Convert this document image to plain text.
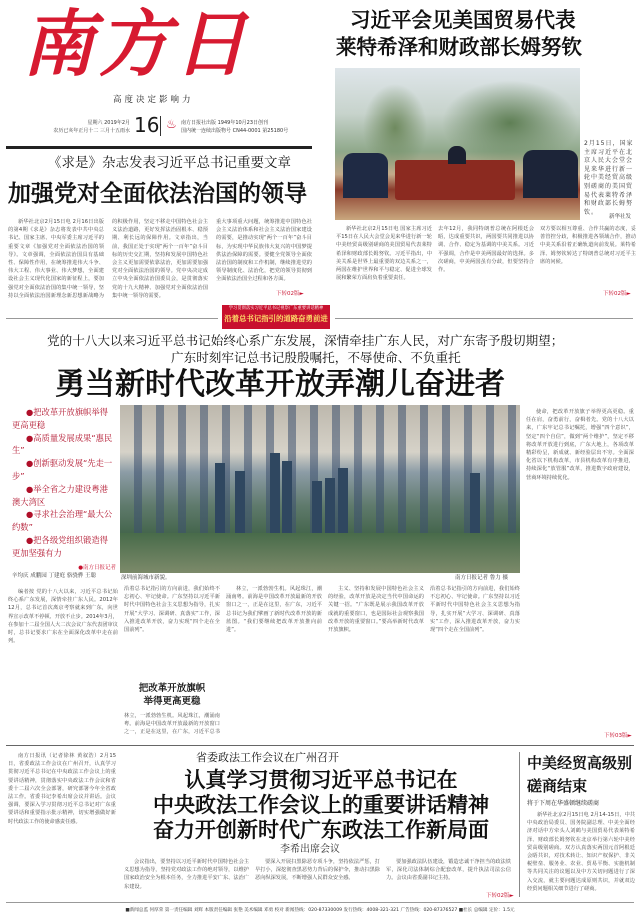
南方日
高度决定影响力
星期六 2019年2月
农历已亥年正月十二 三月十五雨水 16 ♨ 南方日报社出版 1949年10月23日创刊
国内统一连续出版物号 CN44-0001 第25180号
《求是》杂志发表习近平总书记重要文章
加强党对全面依法治国的领导
新华社北京2月15日电 2月16日出版的第4期《求是》杂志将发表中共中央总书记、国家主席、中央军委主席习近平的重要文章《加强党对全面依法治国的领导》。文章强调，全面依法治国具有基础性、保障性作用，在统筹推进伟大斗争、伟大工程、伟大事业、伟大梦想，全面建设社会主义现代化国家的新征程上，要加强党对全面依法治国的集中统一领导，坚持以全面依法治国新理念新思想新战略为
的积极作用，坚定不移走中国特色社会主义法治道路，更好发挥法治固根本、稳预期、利长远的保障作用。文章指出，当前，我国正处于实现“两个一百年”奋斗目标的历史交汇期，坚持和发展中国特色社会主义更加需要依靠法治，更加需要加强党对全面依法治国的领导。党中央决定成立中央全面依法治国委员会，是贯彻落实党的十九大精神、加强党对全面依法治国集中统一领导的需要。
重大事项重大问题，统筹推进中国特色社会主义法治体系和社会主义法治国家建设的需要，是推动实现“两个一百年”奋斗目标，为实现中华民族伟大复兴的中国梦提供法治保障的需要。要健全党领导全面依法治国的制度和工作机制，继续推进党的领导制度化、法治化，把党的领导贯彻到全面依法治国全过程和各方面。
下转02版►
习近平会见美国贸易代表
莱特希泽和财政部长姆努钦
2月15日，国家主席习近平在北京人民大会堂会见来华进行新一轮中美经贸高级别磋商的美国贸易代表莱特希泽和财政部长姆努钦。
新华社发
新华社北京2月15日电 国家主席习近平15日在人民大会堂会见来华进行新一轮中美经贸高级别磋商的美国贸易代表莱特希泽和财政部长姆努钦。习近平指出，中美关系是世界上最重要的双边关系之一，两国在维护世界和平与稳定、促进全球发展和繁荣方面肩负着重要责任。
去年12月，我同特朗普总统在阿根廷会晤，达成重要共识，两国要共同推进以协调、合作、稳定为基调的中美关系。习近平强调，合作是中美两国最好的选择。多次磋商，中美两国虽有分歧，但要坚持合作。
双方要以相互尊重、合作共赢的态度，妥善管控分歧，积极推进各领域合作，推动中美关系沿着正确轨道向前发展。莱特希泽、姆努钦转达了特朗普总统对习近平主席的问候。
下转02版►
学习贯彻落实习近平总书记视察广东重要讲话精神
沿着总书记指引的道路奋勇前进
党的十八大以来习近平总书记始终心系广东发展，深情牵挂广东人民，对广东寄予殷切期望；
广东时刻牢记总书记殷殷嘱托，不辱使命、不负重托
勇当新时代改革开放弄潮儿奋进者
●把改革开放旗帜举得更高更稳
●高质量发展成果“惠民生”
●创新驱动发展“先走一步”
●举全省之力建设粤港澳大湾区
●寻求社会治理“最大公约数”
●把各级党组织锻造得更加坚强有力
●南方日报记者
辛均庆 成鹏园 丁建庭 骆骁骅 王聪	深圳前海城市新貌。	南方日报记者 鲁力 摄
编者按 党的十八大以来，习近平总书记始终心系广东发展，深情牵挂广东人民。2012年12月，总书记首次离京考察就来到广东，向世界宣示改革不停顿、开放不止步。2014年3月，在参加十二届全国人大二次会议广东代表团审议时，总书记要求广东在全面深化改革中走在前列。
沿着总书记指引的方向前进，我们始终不忘初心、牢记使命。广东坚持以习近平新时代中国特色社会主义思想为指导，扎实开展“大学习、深调研、真落实”工作，深入推进改革开放，奋力实现“四个走在全国前列”。
把改革开放旗帜
举得更高更稳
林立，一派勃勃生机。风起珠江，潮涌南粤。前海是中国改革开放最新的开放窗口之一，正是在这里，在广东，习近平总书
林立，一派勃勃生机。风起珠江，潮涌南粤。前海是中国改革开放最新的开放窗口之一，正是在这里，在广东，习近平总书记为我们擘画了新时代改革开放的新蓝图。“我们要继续把改革开放推向前进”。
主义、坚持和发展中国特色社会主义的经验，改革开放是决定当代中国命运的关键一招。“广东既是展示我国改革开放成就的重要窗口，也是国际社会观察我国改革开放的重要窗口。”要高举新时代改革开放旗帜。
沿着总书记指引的方向前进，我们始终不忘初心、牢记使命。广东坚持以习近平新时代中国特色社会主义思想为指导，扎实开展“大学习、深调研、真落实”工作，深入推进改革开放，奋力实现“四个走在全国前列”。
使命，把改革开放旗子举得更高更稳。重任在肩，奋勇前行，奋楫者先。党的十八大以来，广东牢记总书记嘱托，增强“四个意识”，坚定“四个自信”，做到“两个维护”，坚定不移将改革开放进行到底，广东大地上，各项改革精彩纷呈，新成就、新经验层出不穷。全面深化省以下机构改革，市县机构改革有序推进，持续深化“放管服”改革，推进数字政府建设，营商环境持续优化。
下转03版►
南方日报讯（记者徐林 黄叙浩）2月15日，省委政法工作会议在广州召开，认真学习贯彻习近平总书记在中央政法工作会议上的重要讲话精神，贯彻落实中央政法工作会议和省委十二届六次全会部署，研究部署今年全省政法工作。省委书记李希出席会议并讲话。会议强调，要深入学习贯彻习近平总书记对广东重要讲话和重要指示批示精神，切实增强做好新时代政法工作的使命感责任感。
省委政法工作会议在广州召开
认真学习贯彻习近平总书记在
中央政法工作会议上的重要讲话精神
奋力开创新时代广东政法工作新局面
李希出席会议
会议指出，要坚持以习近平新时代中国特色社会主义思想为指导，坚持党对政法工作的绝对领导，以维护国家政治安全为根本任务，全力推进平安广东、法治广东建设。
要深入开展扫黑除恶专项斗争，坚持依法严惩，打早打小，深挖彻查黑恶势力背后的保护伞，推动扫黑除恶向纵深发展，不断增强人民群众安全感。
要加强政法队伍建设，锻造忠诚干净担当的政法铁军，深化司法体制综合配套改革，提升执法司法公信力。会议由省委副书记主持。
下转02版►
中美经贸高级别
磋商结束
将于下周在华盛顿继续磋商
新华社北京2月15日电 2月14-15日，中共中央政治局委员、国务院副总理、中美全面经济对话中方牵头人刘鹤与美国贸易代表莱特希泽、财政部长姆努钦在北京举行第六轮中美经贸高级别磋商。双方认真落实两国元首阿根廷会晤共识，对技术转让、知识产权保护、非关税壁垒、服务业、农业、贸易平衡、实施机制等共同关注的议题以及中方关切问题进行了深入交流，就主要问题达成原则共识，并就双边经贸问题相关细节进行了磋商。
■新闻总监 何厚荣 第一责任编辑 刘辉 本版责任编辑 张艳 美术编辑 邓勇 校对 新闻热线：020-87330009 发行热线：4008-321-321 广告热线：020-87376527 ■社长 总编辑 定价：1.5元
